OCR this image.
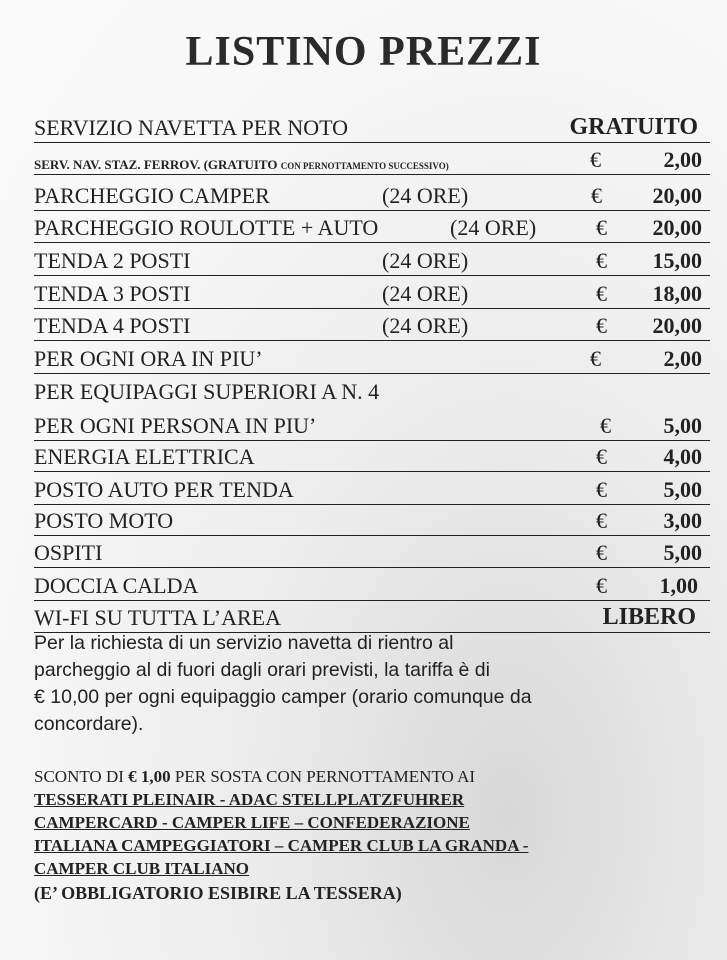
LISTINO PREZZI
SERVIZIO NAVETTA PER NOTO	GRATUITO
SERV. NAV. STAZ. FERROV. (GRATUITO CON PERNOTTAMENTO SUCCESSIVO)	€	2,00
PARCHEGGIO CAMPER	(24 ORE)	€ 20,00
PARCHEGGIO ROULOTTE + AUTO	(24 ORE)	€ 20,00
TENDA 2 POSTI	(24 ORE)	€ 15,00
TENDA 3 POSTI	(24 ORE)	€ 18,00
TENDA 4 POSTI	(24 ORE)	€ 20,00
PER OGNI ORA IN PIU’	€	2,00
PER EQUIPAGGI SUPERIORI A N. 4
PER OGNI PERSONA IN PIU’	€ 5,00
ENERGIA ELETTRICA	€	4,00
POSTO AUTO PER TENDA	€	5,00
POSTO MOTO	€	3,00
OSPITI	€	5,00
DOCCIA CALDA	€ 1,00
WI-FI SU TUTTA L’AREA	LIBERO
Per la richiesta di un servizio navetta di rientro al
parcheggio al di fuori dagli orari previsti, la tariffa è di
€ 10,00 per ogni equipaggio camper (orario comunque da
concordare).
SCONTO DI € 1,00 PER SOSTA CON PERNOTTAMENTO AI
TESSERATI PLEINAIR - ADAC STELLPLATZFUHRER
CAMPERCARD - CAMPER LIFE – CONFEDERAZIONE
ITALIANA CAMPEGGIATORI – CAMPER CLUB LA GRANDA -
CAMPER CLUB ITALIANO
(E’ OBBLIGATORIO ESIBIRE LA TESSERA)
